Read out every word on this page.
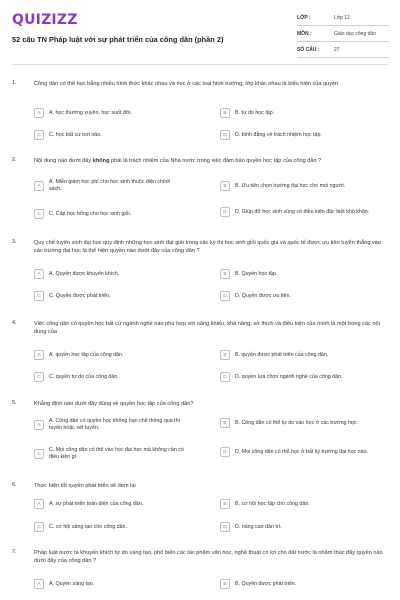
QUIZIZZ
52 câu TN Pháp luật với sự phát triển của công dân (phần 2)
LỚP :	Lớp 12
MÔN :	Giáo dục công dân
SỐ CÂU :	27
1.	Công dân có thể học bằng nhiều hình thức khác nhau và học ở các loại hình trường, lớp khác nhau là biểu hiện của quyền
A	A. học thường xuyên, học suốt đời.	B	B. tự do học tập.
C	C. học bất cứ nơi nào.	D	D. bình đẳng về trách nhiệm học tập.
2.	Nội dung nào dưới đây không phải là trách nhiệm của Nhà nước trong việc đảm bảo quyền học tập của công dân ?
A
A. Miễn giảm học phí cho học sinh thuộc diện chính sách.	B	B. Ưu tiên chọn trường đại học cho mọi người.
C	C. Cấp học bổng cho học sinh giỏi.	D	D. Giúp đỡ học sinh vùng có điều kiện đặc biệt khó khăn.
3.	Quy chế tuyển sinh đại học quy định những học sinh đạt giải trong các kỳ thi học sinh giỏi quốc gia và quốc tế được ưu tiên tuyển thẳng vào các trường đại học là thể hiện quyền nào dưới đây của công dân ?
A	A. Quyền được khuyến khích.	B	B. Quyền học tập.
C	C. Quyền được phát triển.	D	D. Quyền được ưu tiên.
4.	Việc công dân có quyền học bất cứ ngành nghề nào phù hợp với năng khiếu, khả năng, sở thích và điều kiện của mình là một trong các nội dung của
A	A. quyền học tập của công dân.	B	B. quyền được phát triển của công dân.
C	C. quyền tự do của công dân.	D	D. quyền lựa chọn ngành nghề của công dân.
5.	Khẳng định nào dưới đây đúng về quyền học tập của công dân?
A
A. Công dân có quyền học không hạn chế thông qua thi tuyển hoặc xét tuyển.
B	B. Công dân có thể tự do vào học ở các trường học.
C
C. Mọi công dân có thể vào học đại học mà không cần có điều kiện gì.
D	D. Mọi công dân có thể học ở bất kỳ trường đại học nào.
6.	Thực hiện tốt quyền phát triển sẽ đem lại
A	A. sự phát triển toàn diện của công dân.	B	B. cơ hội học tập cho công dân.
C	C. cơ hội sáng tạo cho công dân.	D	D. năng cao dân trí.
7.	Pháp luật nước ta khuyến khích tự do sáng tạo, phổ biến các tác phẩm văn học, nghệ thuật có lợi cho đất nước là nhằm thúc đẩy quyền nào dưới đây của công dân ?
A	A. Quyền sáng tạo.	B	B. Quyền được phát triển.
